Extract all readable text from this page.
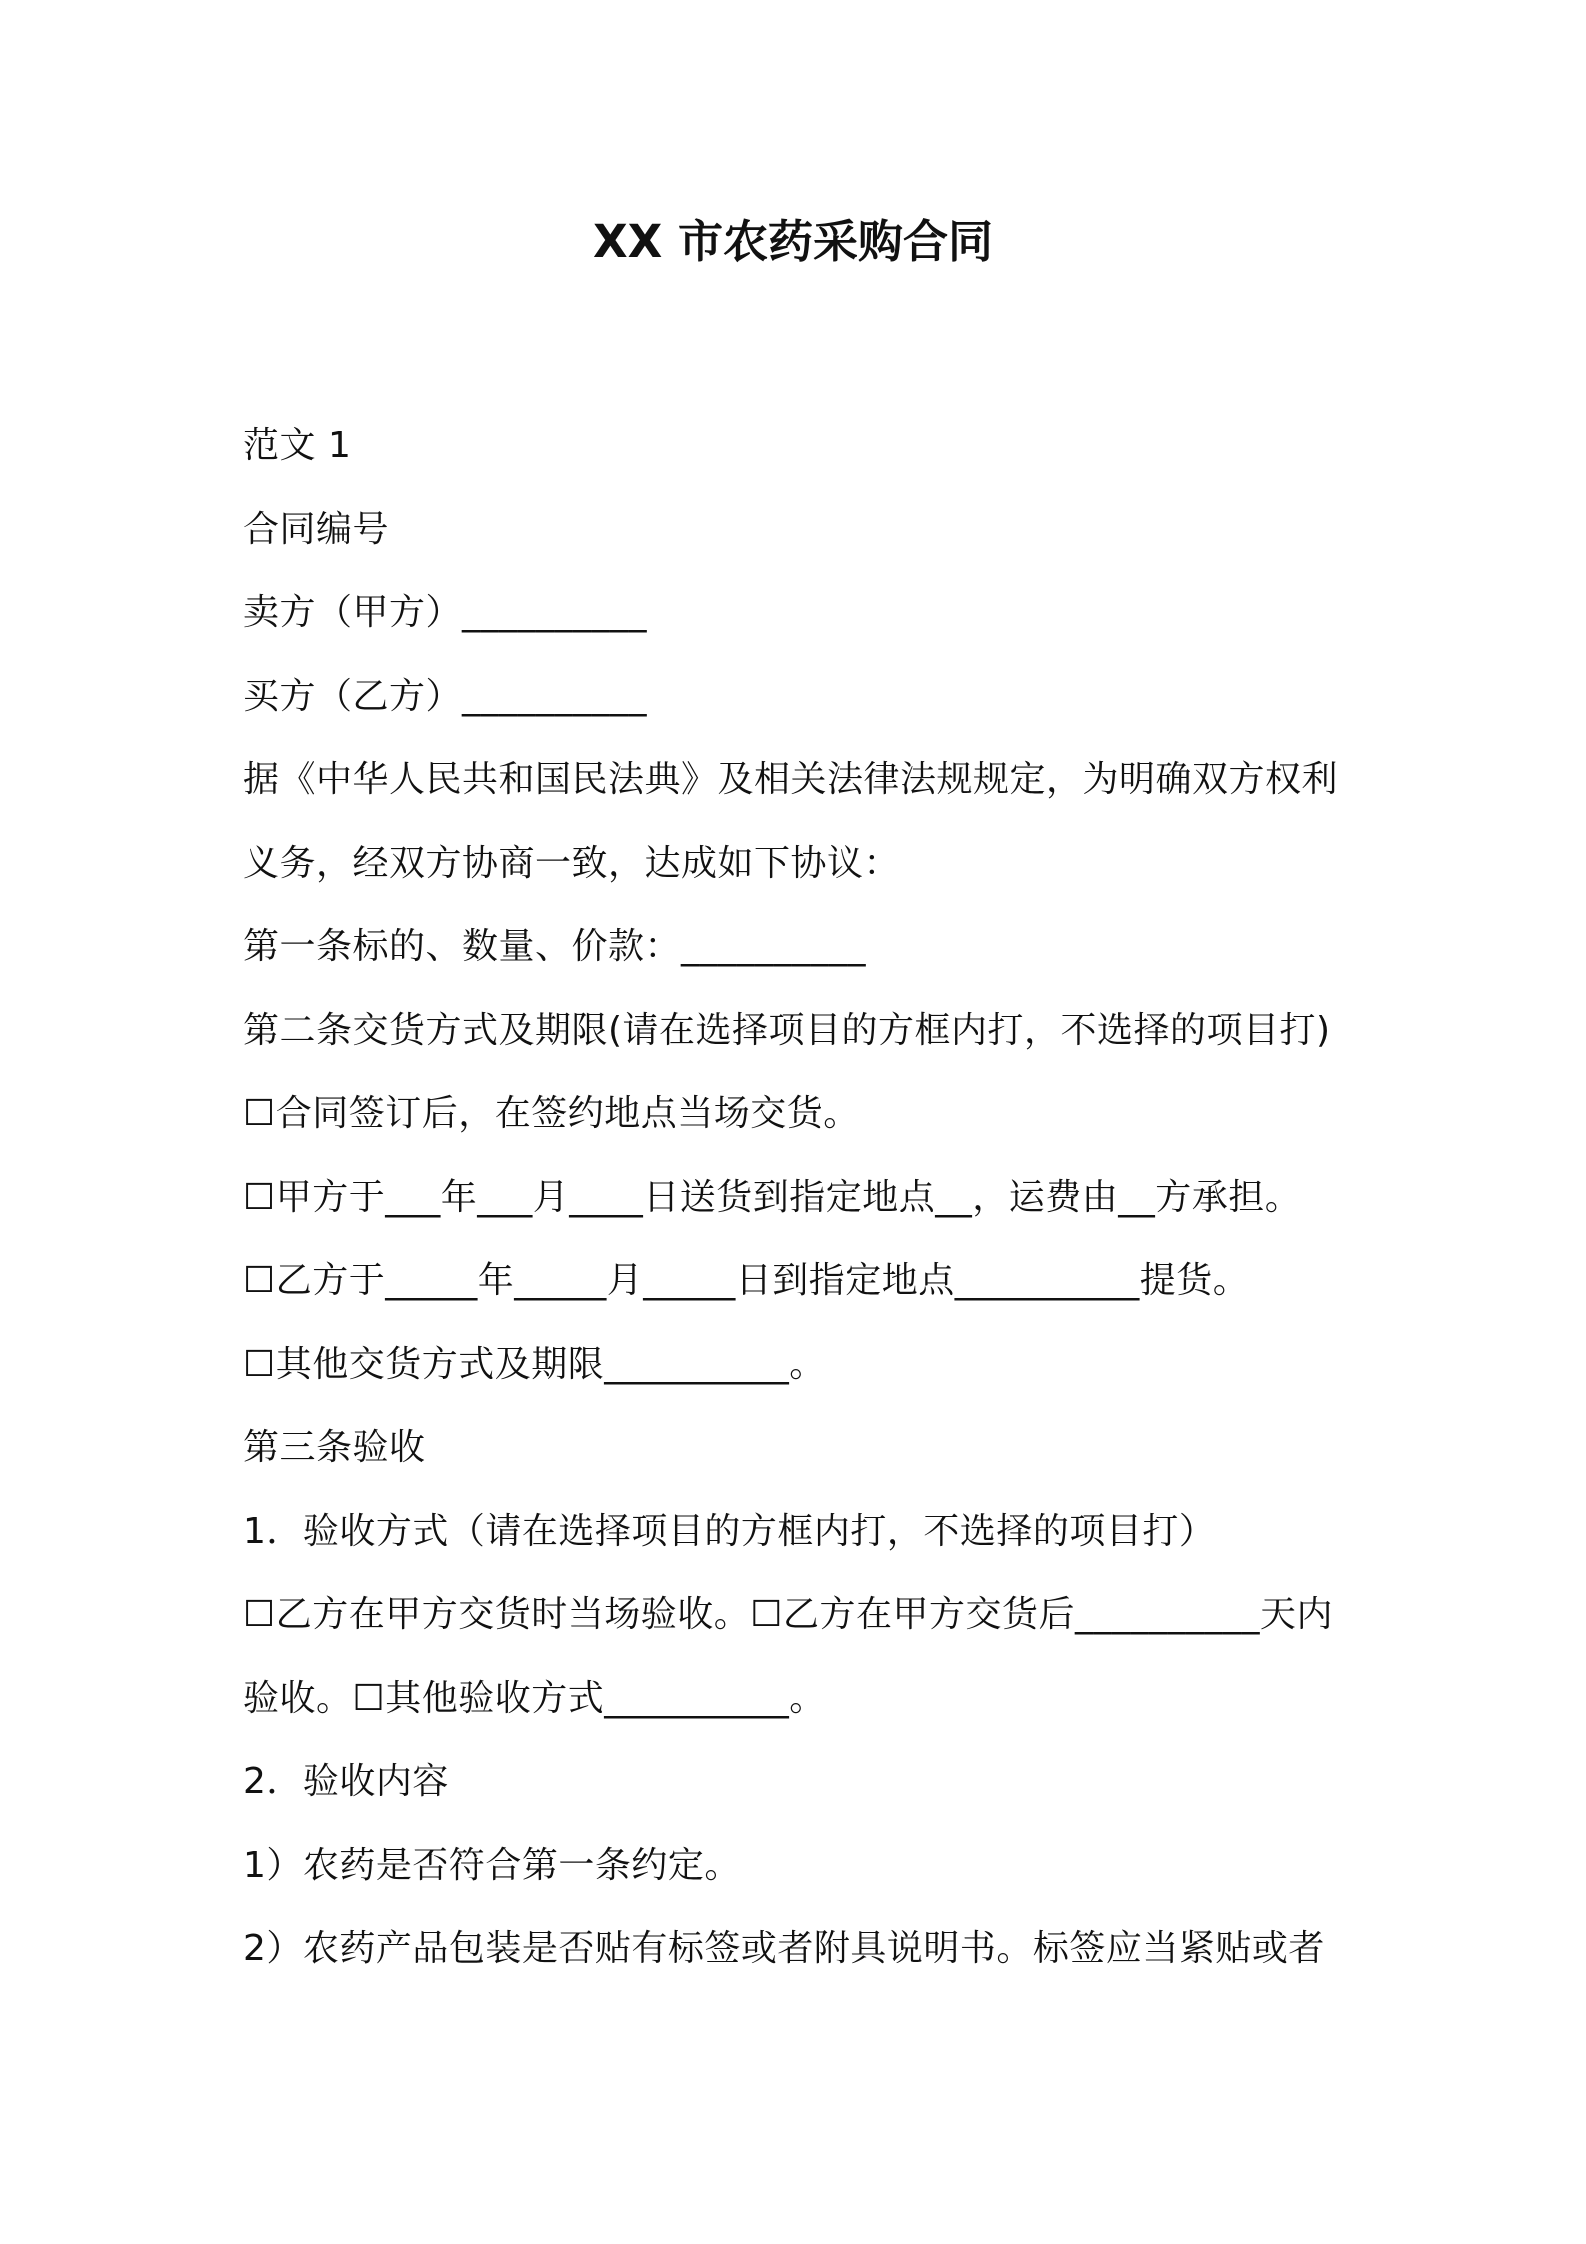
XX 市农药采购合同
范文 1
合同编号
卖方（甲方）__________
买方（乙方）__________
据《中华人民共和国民法典》及相关法律法规规定，为明确双方权利
义务，经双方协商一致，达成如下协议：
第一条标的、数量、价款：__________
第二条交货方式及期限(请在选择项目的方框内打，不选择的项目打)
☐合同签订后，在签约地点当场交货。
☐甲方于___年___月____日送货到指定地点__，运费由__方承担。
☐乙方于_____年_____月_____日到指定地点__________提货。
☐其他交货方式及期限__________。
第三条验收
1．验收方式（请在选择项目的方框内打，不选择的项目打）
☐乙方在甲方交货时当场验收。☐乙方在甲方交货后__________天内
验收。☐其他验收方式__________。
2．验收内容
1）农药是否符合第一条约定。
2）农药产品包装是否贴有标签或者附具说明书。标签应当紧贴或者
